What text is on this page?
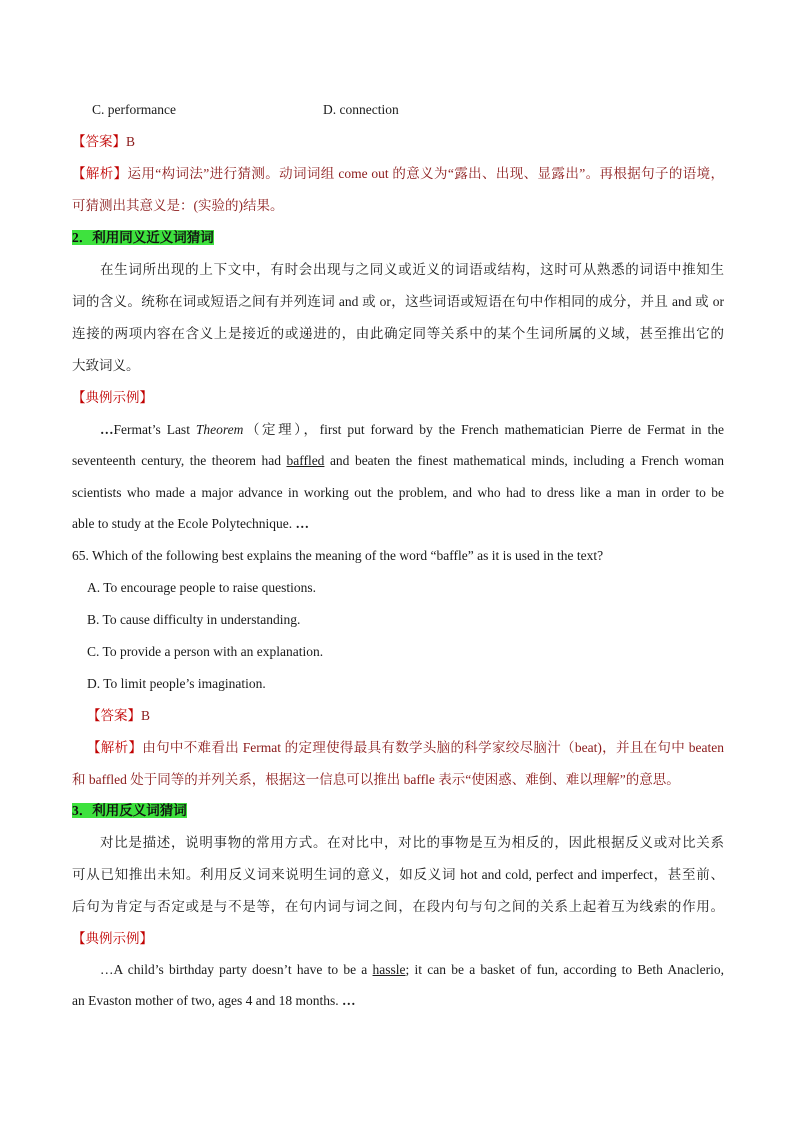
C. performance	D. connection
【答案】B
【解析】运用“构词法”进行猜测。动词词组 come out 的意义为“露出、出现、显露出”。再根据句子的语境，
可猜测出其意义是：(实验的)结果。
2．利用同义近义词猜词
在生词所出现的上下文中，有时会出现与之同义或近义的词语或结构，这时可从熟悉的词语中推知生
词的含义。统称在词或短语之间有并列连词 and 或 or，这些词语或短语在句中作相同的成分，并且 and 或 or
连接的两项内容在含义上是接近的或递进的，由此确定同等关系中的某个生词所属的义域，甚至推出它的
大致词义。
【典例示例】
…Fermat’s Last Theorem（定理），first put forward by the French mathematician Pierre de Fermat in the
seventeenth century, the theorem had baffled and beaten the finest mathematical minds, including a French woman
scientists who made a major advance in working out the problem, and who had to dress like a man in order to be
able to study at the Ecole Polytechnique. …
65. Which of the following best explains the meaning of the word “baffle” as it is used in the text?
A. To encourage people to raise questions.
B. To cause difficulty in understanding.
C. To provide a person with an explanation.
D. To limit people’s imagination.
【答案】B
【解析】由句中不难看出 Fermat 的定理使得最具有数学头脑的科学家绞尽脑汁（beat)，并且在句中 beaten
和 baffled 处于同等的并列关系，根据这一信息可以推出 baffle 表示“使困惑、难倒、难以理解”的意思。
3．利用反义词猜词
对比是描述，说明事物的常用方式。在对比中，对比的事物是互为相反的，因此根据反义或对比关系
可从已知推出未知。利用反义词来说明生词的意义，如反义词 hot and cold, perfect and imperfect，甚至前、
后句为肯定与否定或是与不是等，在句内词与词之间，在段内句与句之间的关系上起着互为线索的作用。
【典例示例】
…A child’s birthday party doesn’t have to be a hassle; it can be a basket of fun, according to Beth Anaclerio,
an Evaston mother of two, ages 4 and 18 months. …
